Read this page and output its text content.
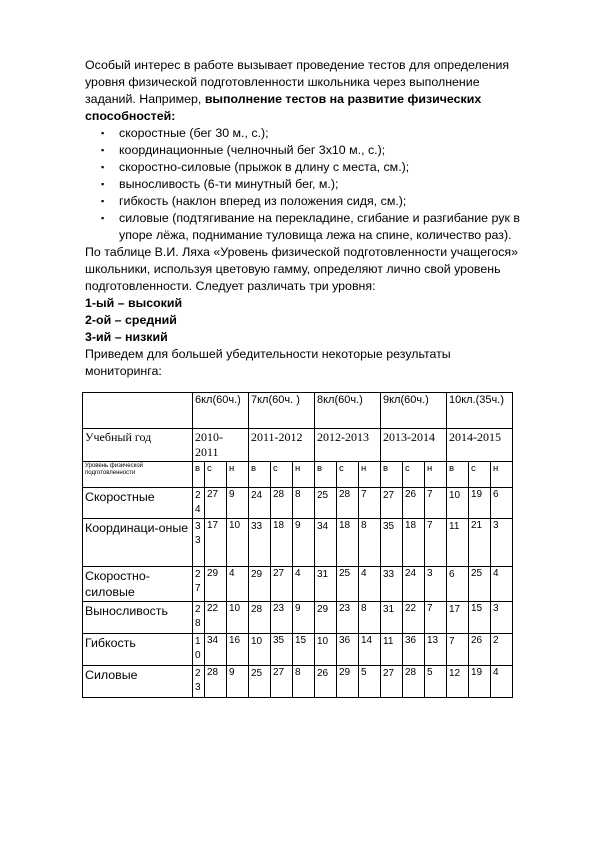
Особый интерес в работе вызывает проведение тестов для определения уровня физической подготовленности школьника через выполнение заданий. Например, выполнение тестов на развитие физических способностей:

▪ скоростные (бег 30 м., с.);
▪ координационные (челночный бег 3х10 м., с.);
▪ скоростно-силовые (прыжок в длину с места, см.);
▪ выносливость (6-ти минутный бег, м.);
▪ гибкость (наклон вперед из положения сидя, см.);
▪ силовые (подтягивание на перекладине, сгибание и разгибание рук в упоре лёжа, поднимание туловища лежа на спине, количество раз).

По таблице В.И. Ляха «Уровень физической подготовленности учащегося» школьники, используя цветовую гамму, определяют лично свой уровень подготовленности. Следует различать три уровня:

1-ый – высокий

2-ой – средний

3-ий – низкий

Приведем для большей убедительности некоторые результаты мониторинга:

	6кл(60ч.)			7кл(60ч. )			8кл(60ч.)			9кл(60ч.)			10кл.(35ч.)		
Учебный год	2010-2011			2011-2012			2012-2013			2013-2014			2014-2015		
Уровень физической подготовленности	в	с	н	в	с	н	в	с	н	в	с	н	в	с	н
Скоростные	24	27	9	24	28	8	25	28	7	27	26	7	10	19	6
Координаци-оные	33	17	10	33	18	9	34	18	8	35	18	7	11	21	3
Скоростно-силовые	27	29	4	29	27	4	31	25	4	33	24	3	6	25	4
Выносливость	28	22	10	28	23	9	29	23	8	31	22	7	17	15	3
Гибкость	10	34	16	10	35	15	10	36	14	11	36	13	7	26	2
Силовые	23	28	9	25	27	8	26	29	5	27	28	5	12	19	4
